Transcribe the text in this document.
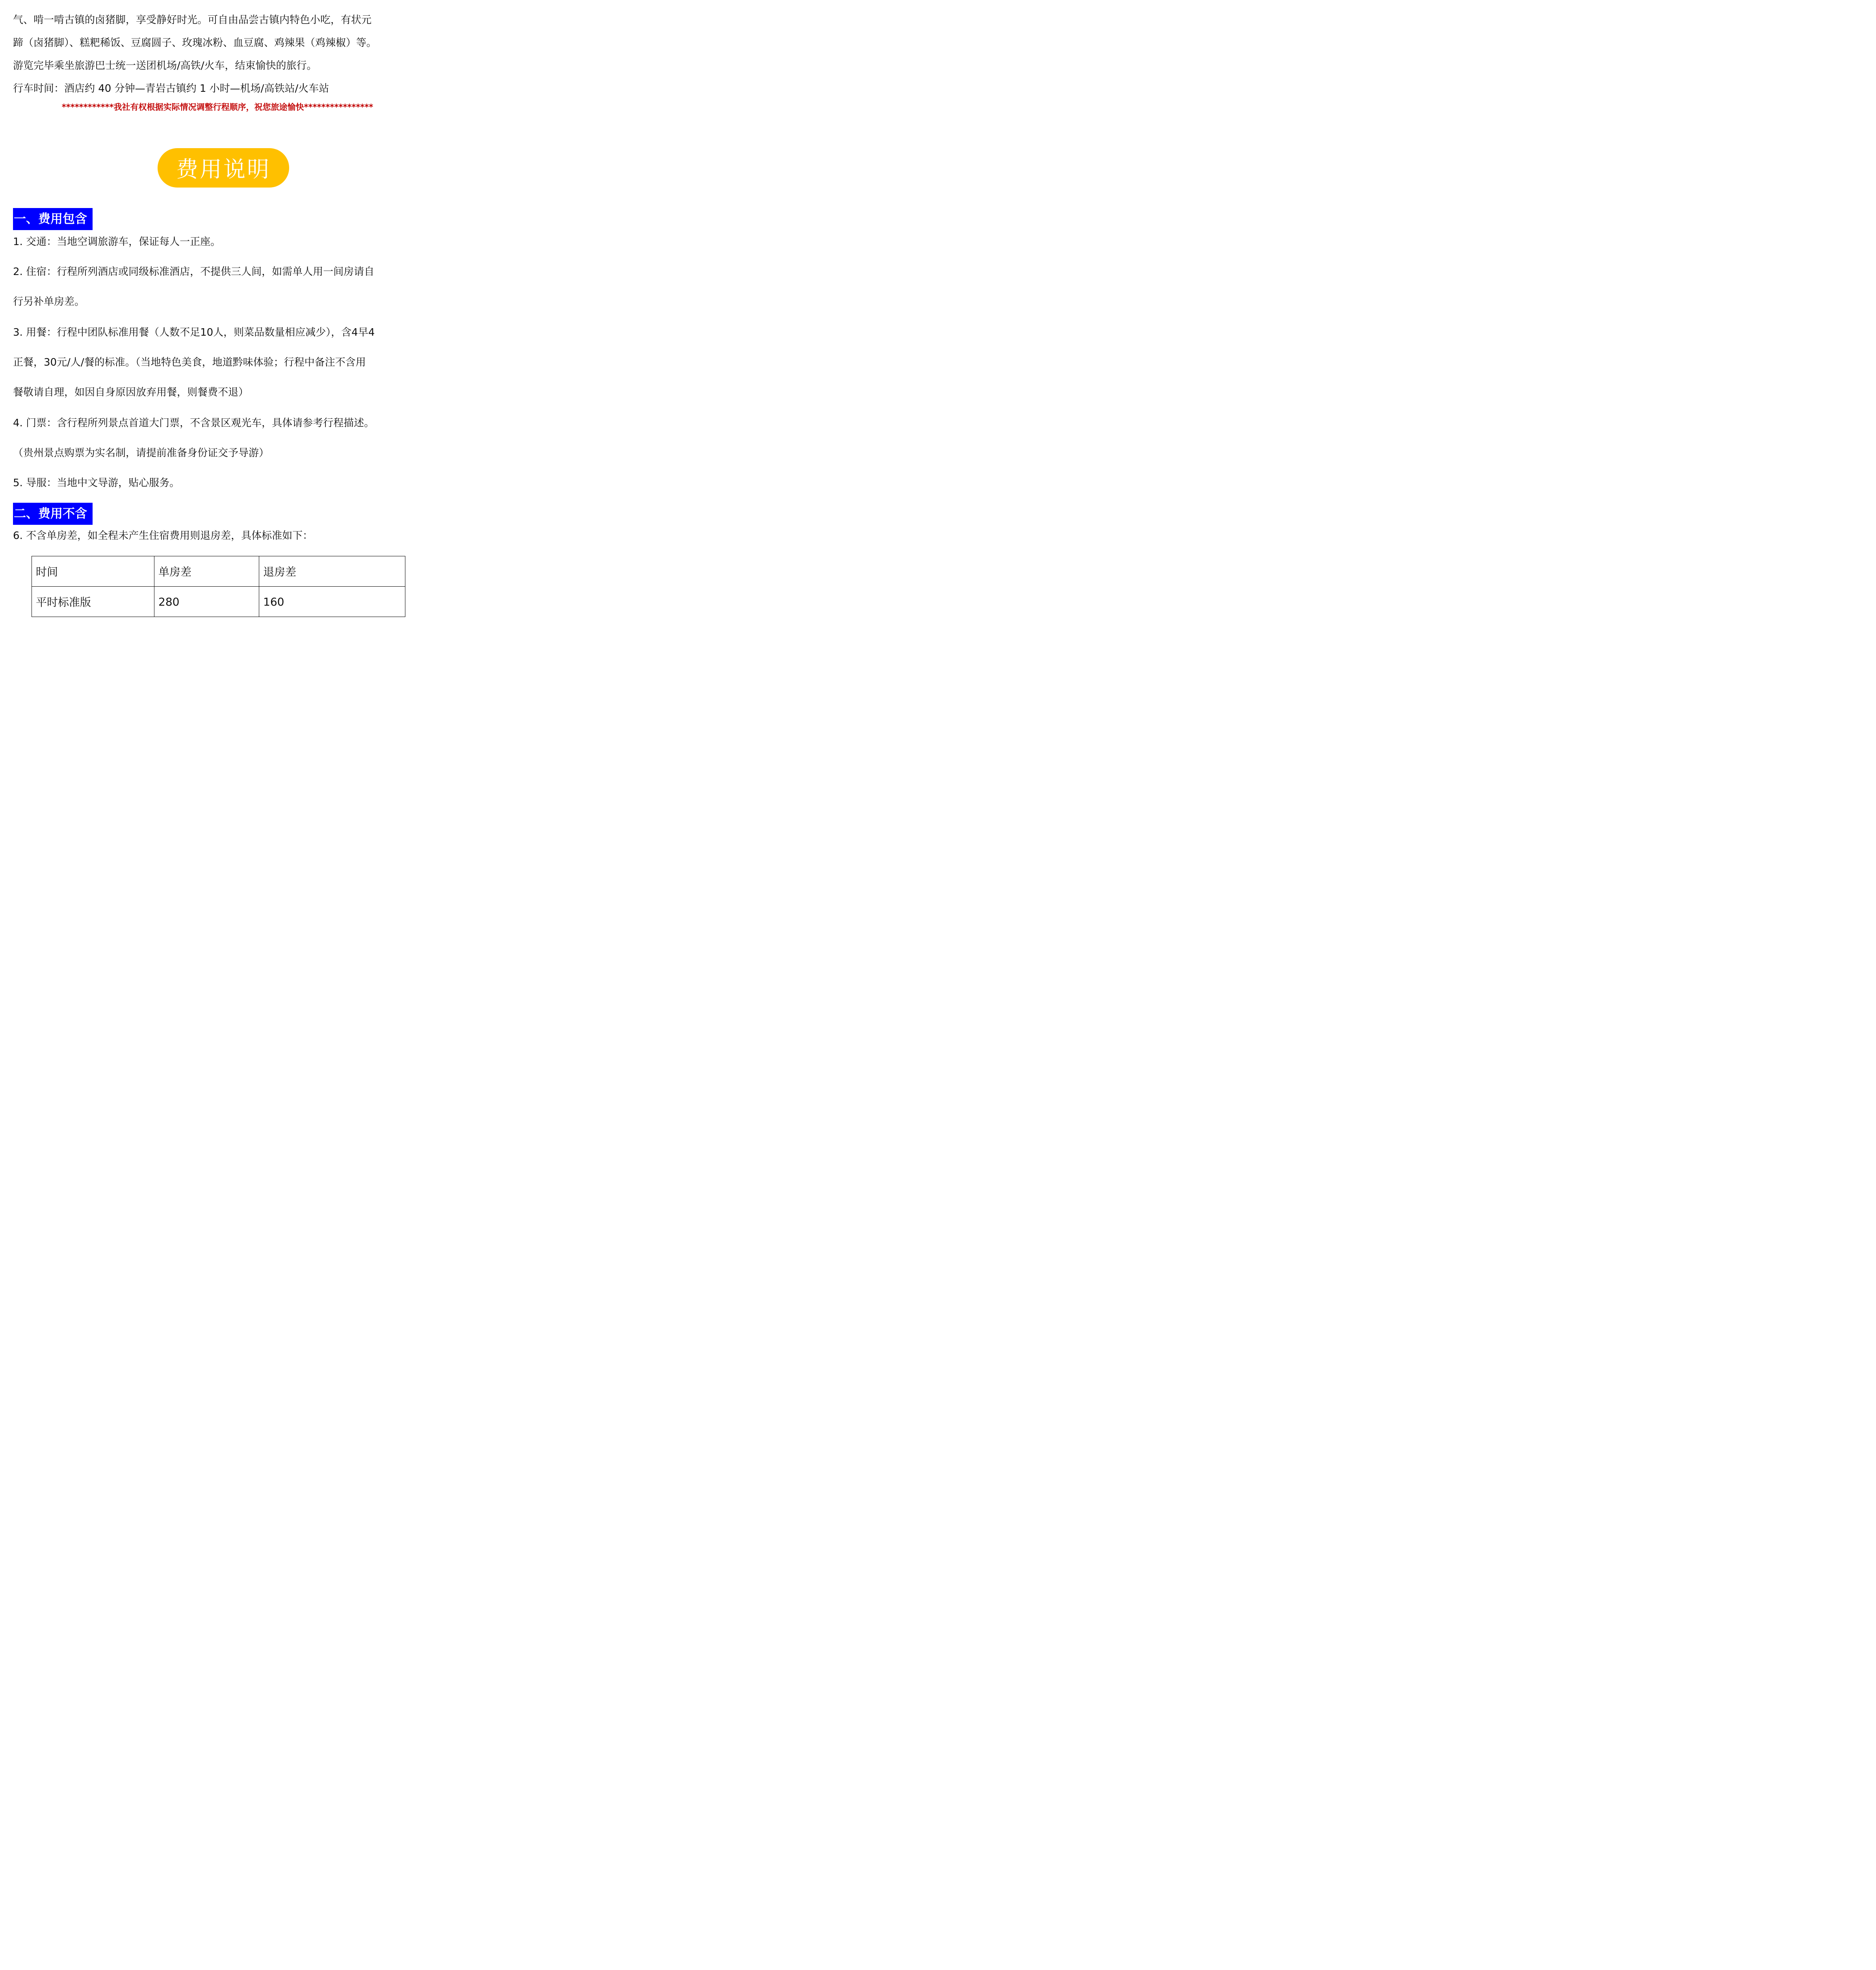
气、啃一啃古镇的卤猪脚，享受静好时光。可自由品尝古镇内特色小吃，有状元

蹄（卤猪脚）、糕粑稀饭、豆腐圆子、玫瑰冰粉、血豆腐、鸡辣果（鸡辣椒）等。

游览完毕乘坐旅游巴士统一送团机场/高铁/火车，结束愉快的旅行。

行车时间：酒店约 40 分钟—青岩古镇约 1 小时—机场/高铁站/火车站

************我社有权根据实际情况调整行程顺序，祝您旅途愉快****************
费用说明
一、费用包含

1. 交通：当地空调旅游车，保证每人一正座。

2. 住宿：行程所列酒店或同级标准酒店，不提供三人间，如需单人用一间房请自

行另补单房差。

3. 用餐：行程中团队标准用餐（人数不足10人，则菜品数量相应减少），含4早4

正餐，30元/人/餐的标准。（当地特色美食，地道黔味体验；行程中备注不含用

餐敬请自理，如因自身原因放弃用餐，则餐费不退）

4. 门票：含行程所列景点首道大门票，不含景区观光车，具体请参考行程描述。

（贵州景点购票为实名制，请提前准备身份证交予导游）

5. 导服：当地中文导游，贴心服务。

二、费用不含

6. 不含单房差，如全程未产生住宿费用则退房差，具体标准如下：

时间	单房差	退房差
平时标准版	280	160
